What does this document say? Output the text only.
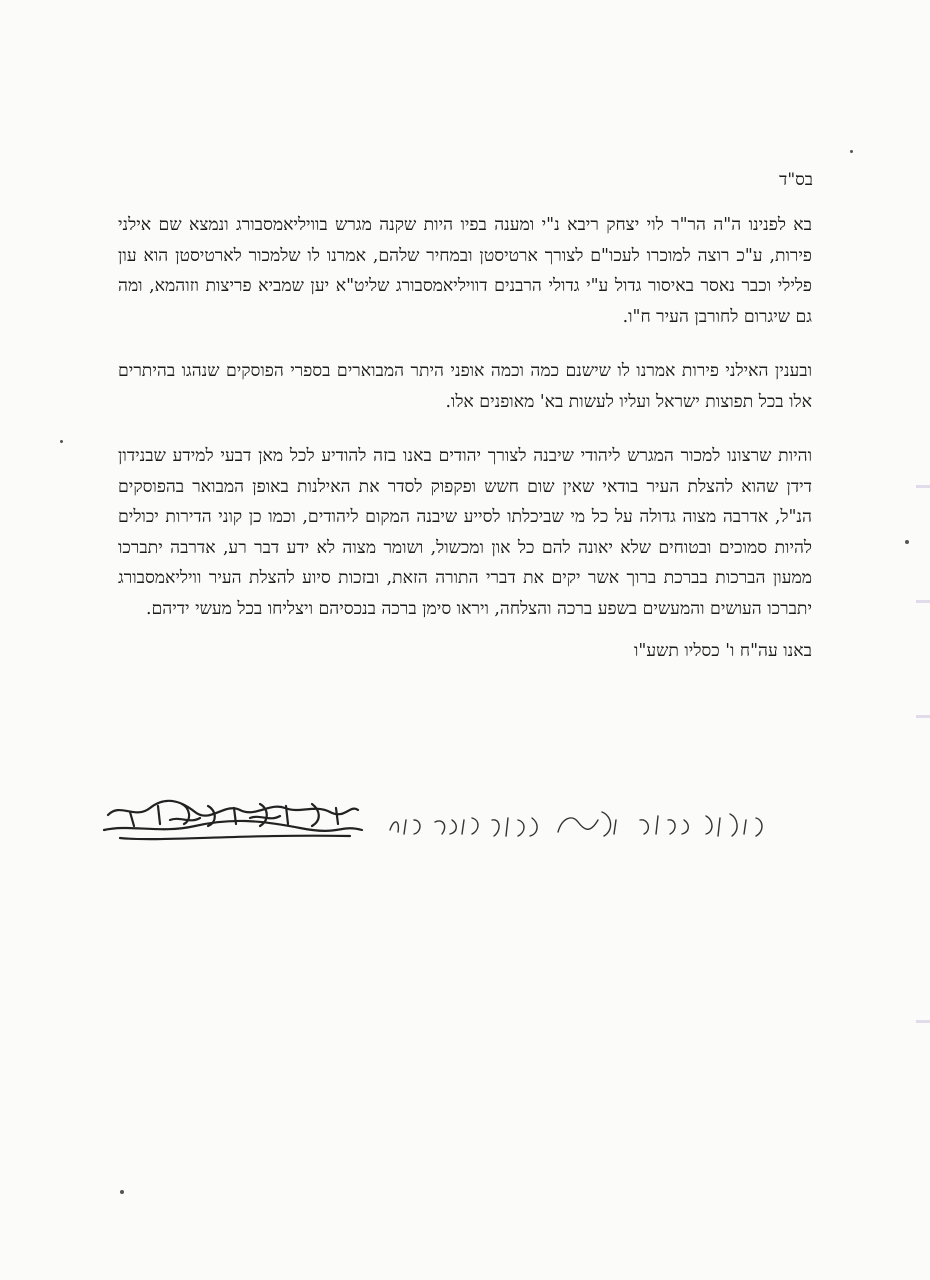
בס"ד

בא לפנינו ה"ה הר"ר לוי יצחק ריבא נ"י ומענה בפיו היות שקנה מגרש בוויליאמסבורג ונמצא שם אילני פירות, ע"כ רוצה למוכרו לעכו"ם לצורך ארטיסטן ובמחיר שלהם, אמרנו לו שלמכור לארטיסטן הוא עון פלילי וכבר נאסר באיסור גדול ע"י גדולי הרבנים דוויליאמסבורג שליט"א יען שמביא פריצות וזוהמא, ומה גם שיגרום לחורבן העיר ח"ו.

ובענין האילני פירות אמרנו לו שישנם כמה וכמה אופני היתר המבוארים בספרי הפוסקים שנהגו בהיתרים אלו בכל תפוצות ישראל ועליו לעשות בא' מאופנים אלו.

והיות שרצונו למכור המגרש ליהודי שיבנה לצורך יהודים באנו בזה להודיע לכל מאן דבעי למידע שבנידון דידן שהוא להצלת העיר בודאי שאין שום חשש ופקפוק לסדר את האילנות באופן המבואר בהפוסקים הנ"ל, אדרבה מצוה גדולה על כל מי שביכלתו לסייע שיבנה המקום ליהודים, וכמו כן קוני הדירות יכולים להיות סמוכים ובטוחים שלא יאונה להם כל און ומכשול, ושומר מצוה לא ידע דבר רע, אדרבה יתברכו ממעון הברכות בברכת ברוך אשר יקים את דברי התורה הזאת, ובזכות סיוע להצלת העיר וויליאמסבורג יתברכו העושים והמעשים בשפע ברכה והצלחה, ויראו סימן ברכה בנכסיהם ויצליחו בכל מעשי ידיהם.

באנו עה"ח ו' כסליו תשע"ו
